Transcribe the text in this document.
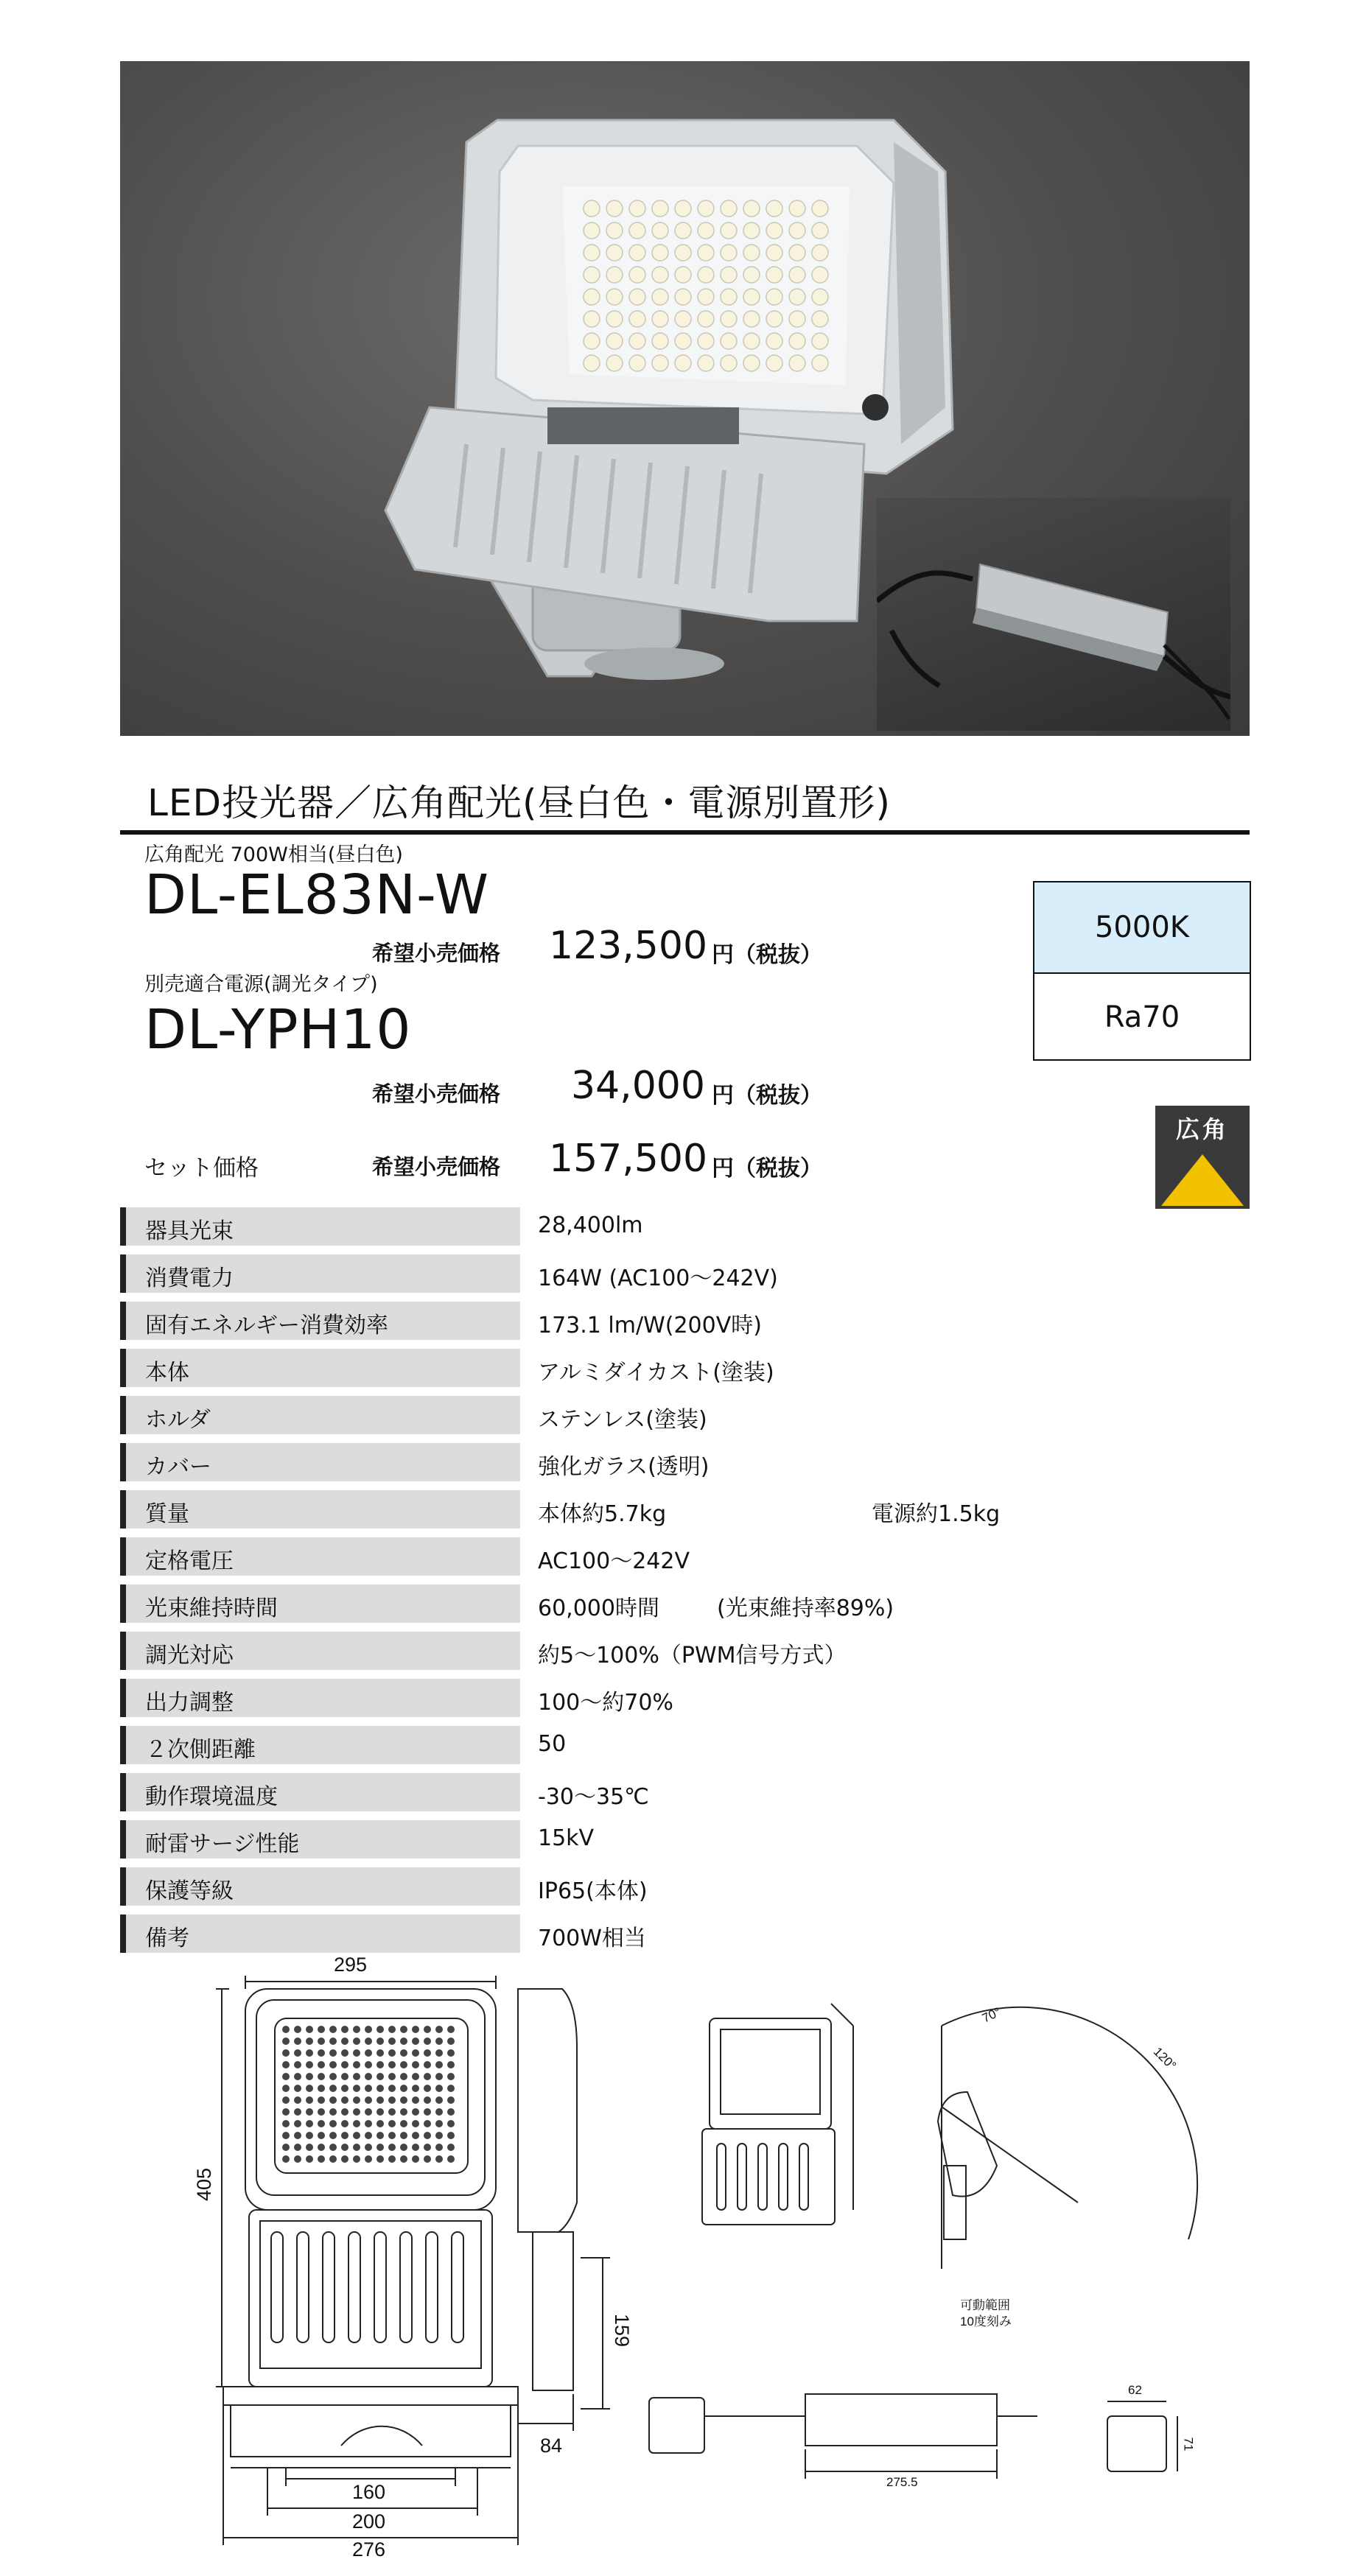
LED投光器／広角配光(昼白色・電源別置形)
広角配光 700W相当(昼白色)
DL-EL83N-W
希望小売価格 123,500 円（税抜）
別売適合電源(調光タイプ)
DL-YPH10
希望小売価格 34,000 円（税抜）
セット価格	希望小売価格 157,500 円（税抜）
5000K
Ra70
広角
器具光束	28,400lm
消費電力	164W (AC100〜242V)
固有エネルギー消費効率	173.1 lm/W(200V時)
本体	アルミダイカスト(塗装)
ホルダ	ステンレス(塗装)
カバー	強化ガラス(透明)
質量	本体約5.7kg	電源約1.5kg
定格電圧	AC100〜242V
光束維持時間	60,000時間	(光束維持率89%)
調光対応	約5〜100%（PWM信号方式）
出力調整	100〜約70%
２次側距離	50
動作環境温度	-30〜35℃
耐雷サージ性能	15kV
保護等級	IP65(本体)
備考	700W相当
295
405
84
159
160
200
276
70°
120°
可動範囲
10度刻み
275.5
62
71
